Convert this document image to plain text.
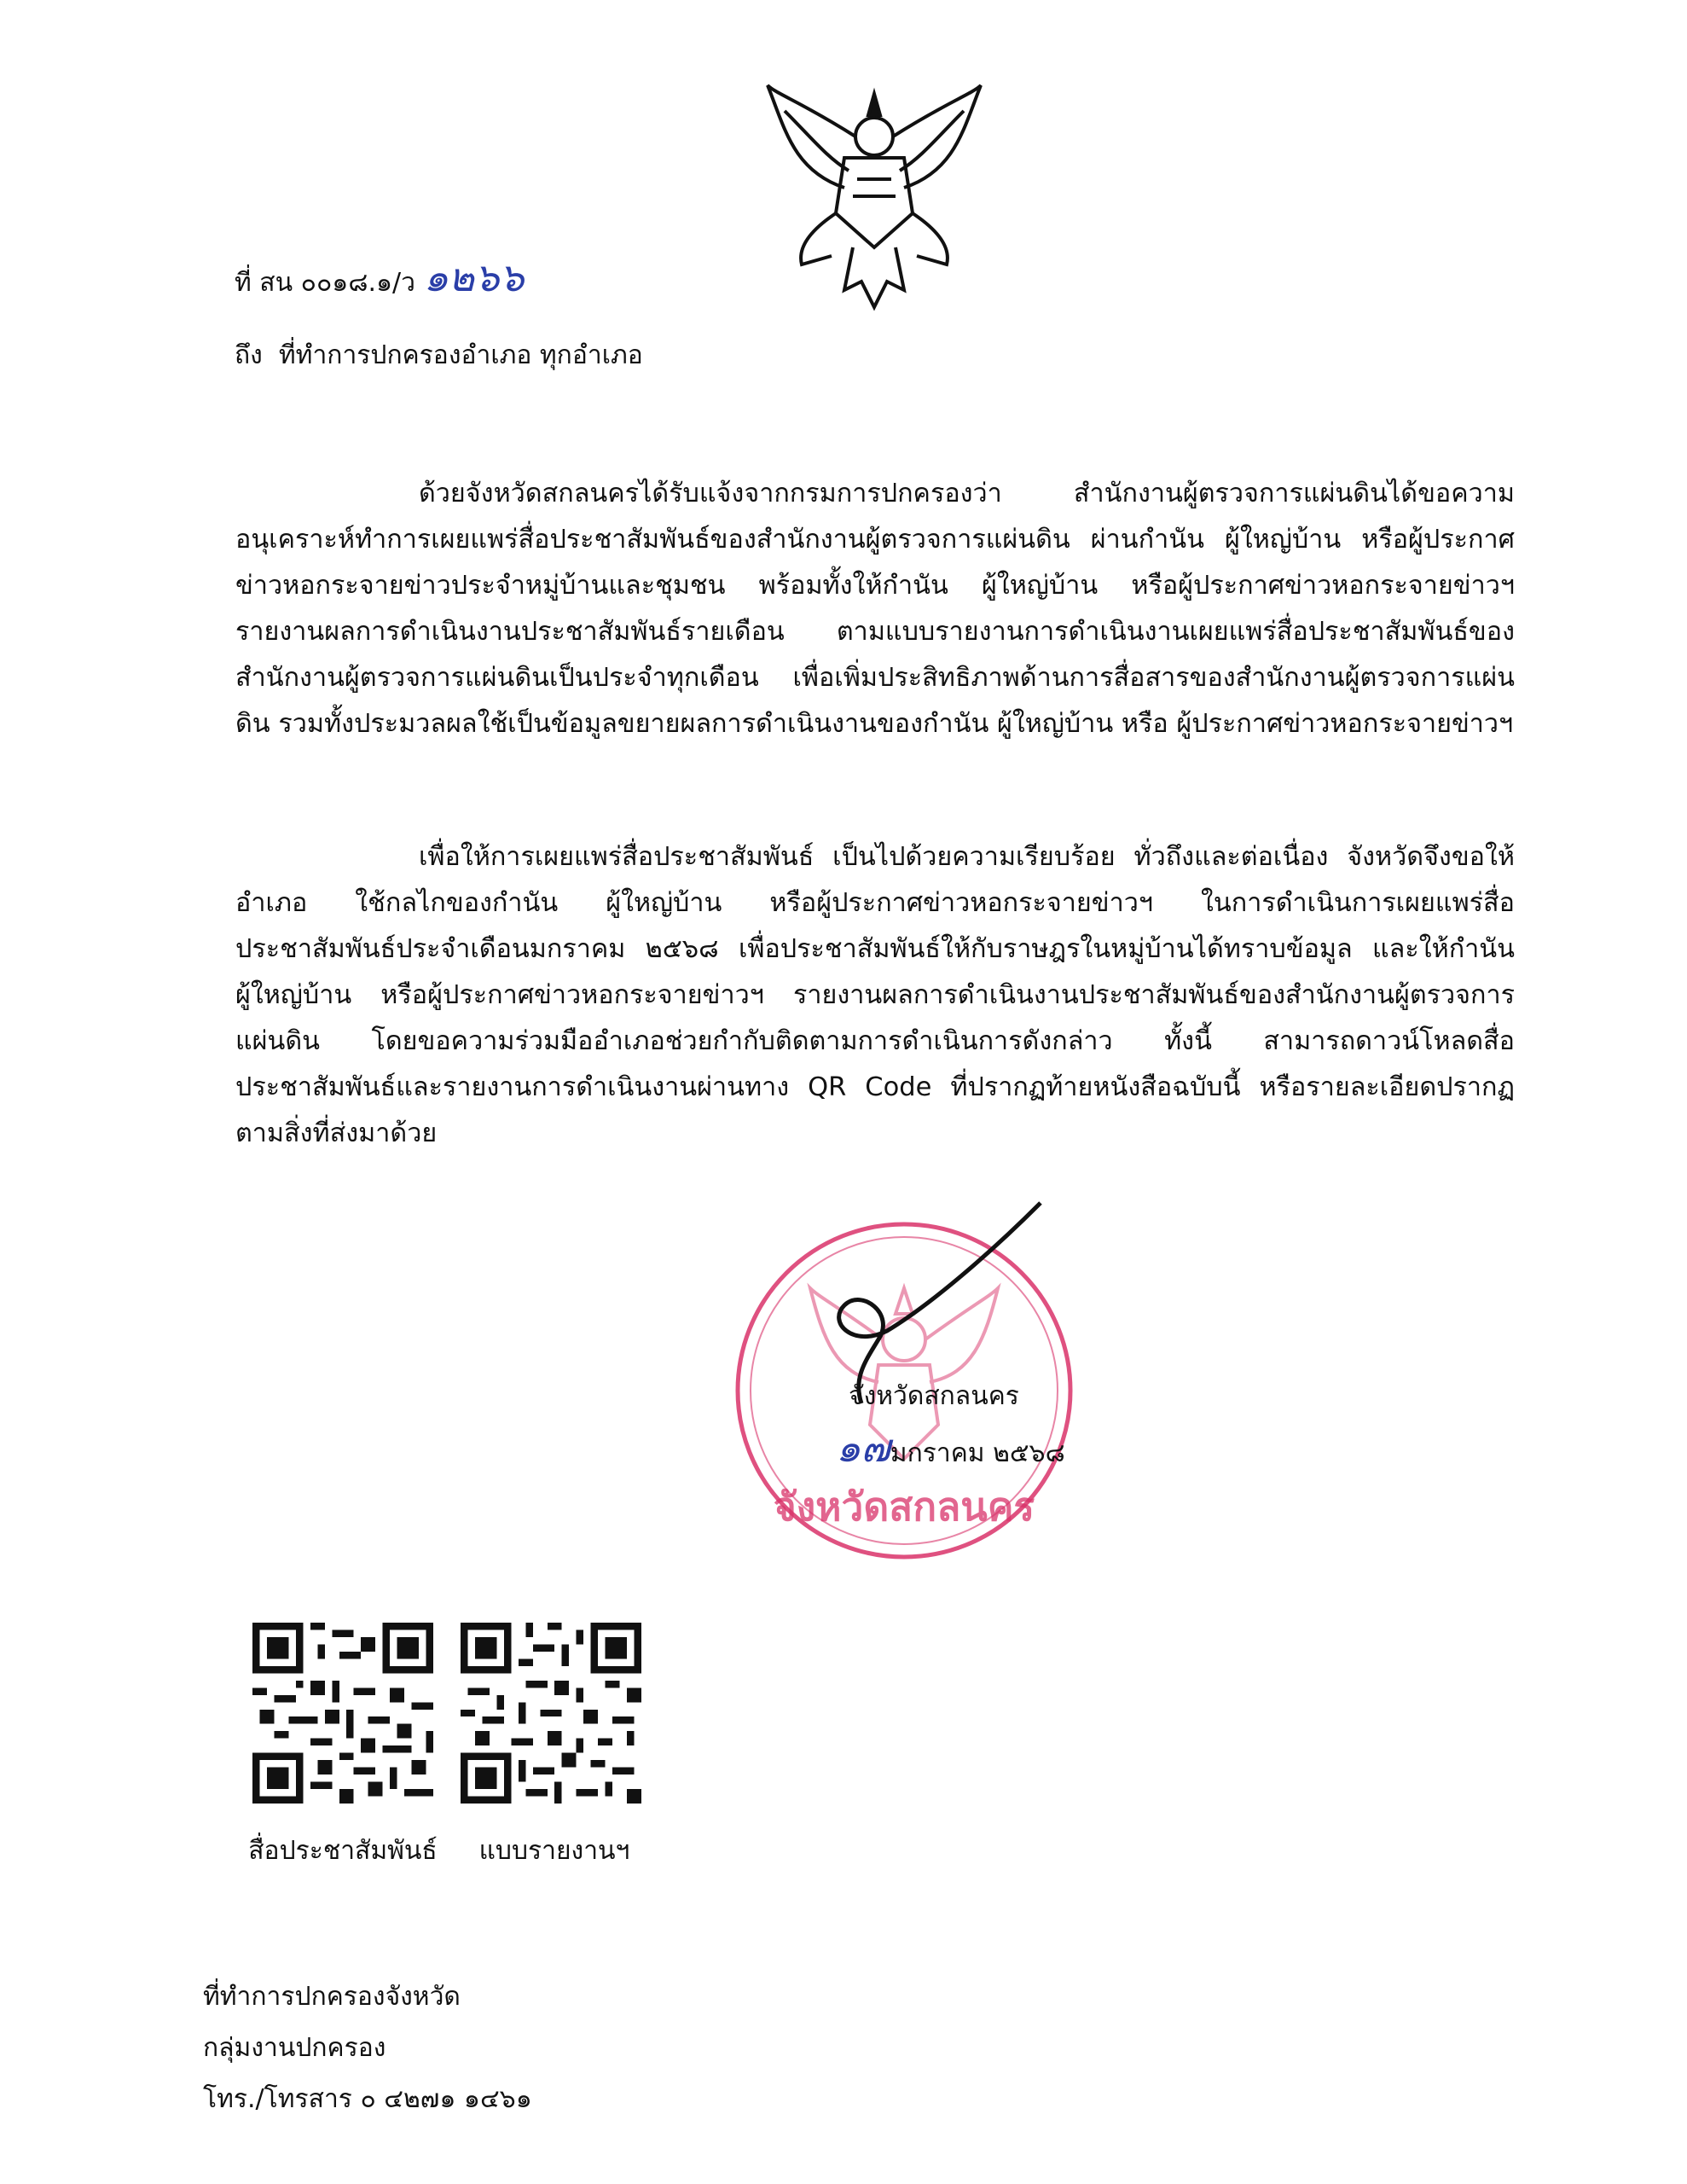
ที่ สน ๐๐๑๘.๑/ว ๑๒๖๖
ถึง ที่ทำการปกครองอำเภอ ทุกอำเภอ
ด้วยจังหวัดสกลนครได้รับแจ้งจากกรมการปกครองว่า สำนักงานผู้ตรวจการแผ่นดินได้ขอความอนุเคราะห์ทำการเผยแพร่สื่อประชาสัมพันธ์ของสำนักงานผู้ตรวจการแผ่นดิน ผ่านกำนัน ผู้ใหญ่บ้าน หรือผู้ประกาศข่าวหอกระจายข่าวประจำหมู่บ้านและชุมชน พร้อมทั้งให้กำนัน ผู้ใหญ่บ้าน หรือผู้ประกาศข่าวหอกระจายข่าวฯ รายงานผลการดำเนินงานประชาสัมพันธ์รายเดือน ตามแบบรายงานการดำเนินงานเผยแพร่สื่อประชาสัมพันธ์ของสำนักงานผู้ตรวจการแผ่นดินเป็นประจำทุกเดือน เพื่อเพิ่มประสิทธิภาพด้านการสื่อสารของสำนักงานผู้ตรวจการแผ่นดิน รวมทั้งประมวลผลใช้เป็นข้อมูลขยายผลการดำเนินงานของกำนัน ผู้ใหญ่บ้าน หรือ ผู้ประกาศข่าวหอกระจายข่าวฯ
เพื่อให้การเผยแพร่สื่อประชาสัมพันธ์ เป็นไปด้วยความเรียบร้อย ทั่วถึงและต่อเนื่อง จังหวัดจึงขอให้อำเภอ ใช้กลไกของกำนัน ผู้ใหญ่บ้าน หรือผู้ประกาศข่าวหอกระจายข่าวฯ ในการดำเนินการเผยแพร่สื่อประชาสัมพันธ์ประจำเดือนมกราคม ๒๕๖๘ เพื่อประชาสัมพันธ์ให้กับราษฎรในหมู่บ้านได้ทราบข้อมูล และให้กำนัน ผู้ใหญ่บ้าน หรือผู้ประกาศข่าวหอกระจายข่าวฯ รายงานผลการดำเนินงานประชาสัมพันธ์ของสำนักงานผู้ตรวจการแผ่นดิน โดยขอความร่วมมืออำเภอช่วยกำกับติดตามการดำเนินการดังกล่าว ทั้งนี้ สามารถดาวน์โหลดสื่อประชาสัมพันธ์และรายงานการดำเนินงานผ่านทาง QR Code ที่ปรากฏท้ายหนังสือฉบับนี้ หรือรายละเอียดปรากฏตามสิ่งที่ส่งมาด้วย
จังหวัดสกลนคร
จังหวัดสกลนคร
๑๗มกราคม ๒๕๖๘
สื่อประชาสัมพันธ์	แบบรายงานฯ
ที่ทำการปกครองจังหวัด
กลุ่มงานปกครอง
โทร./โทรสาร ๐ ๔๒๗๑ ๑๔๖๑
